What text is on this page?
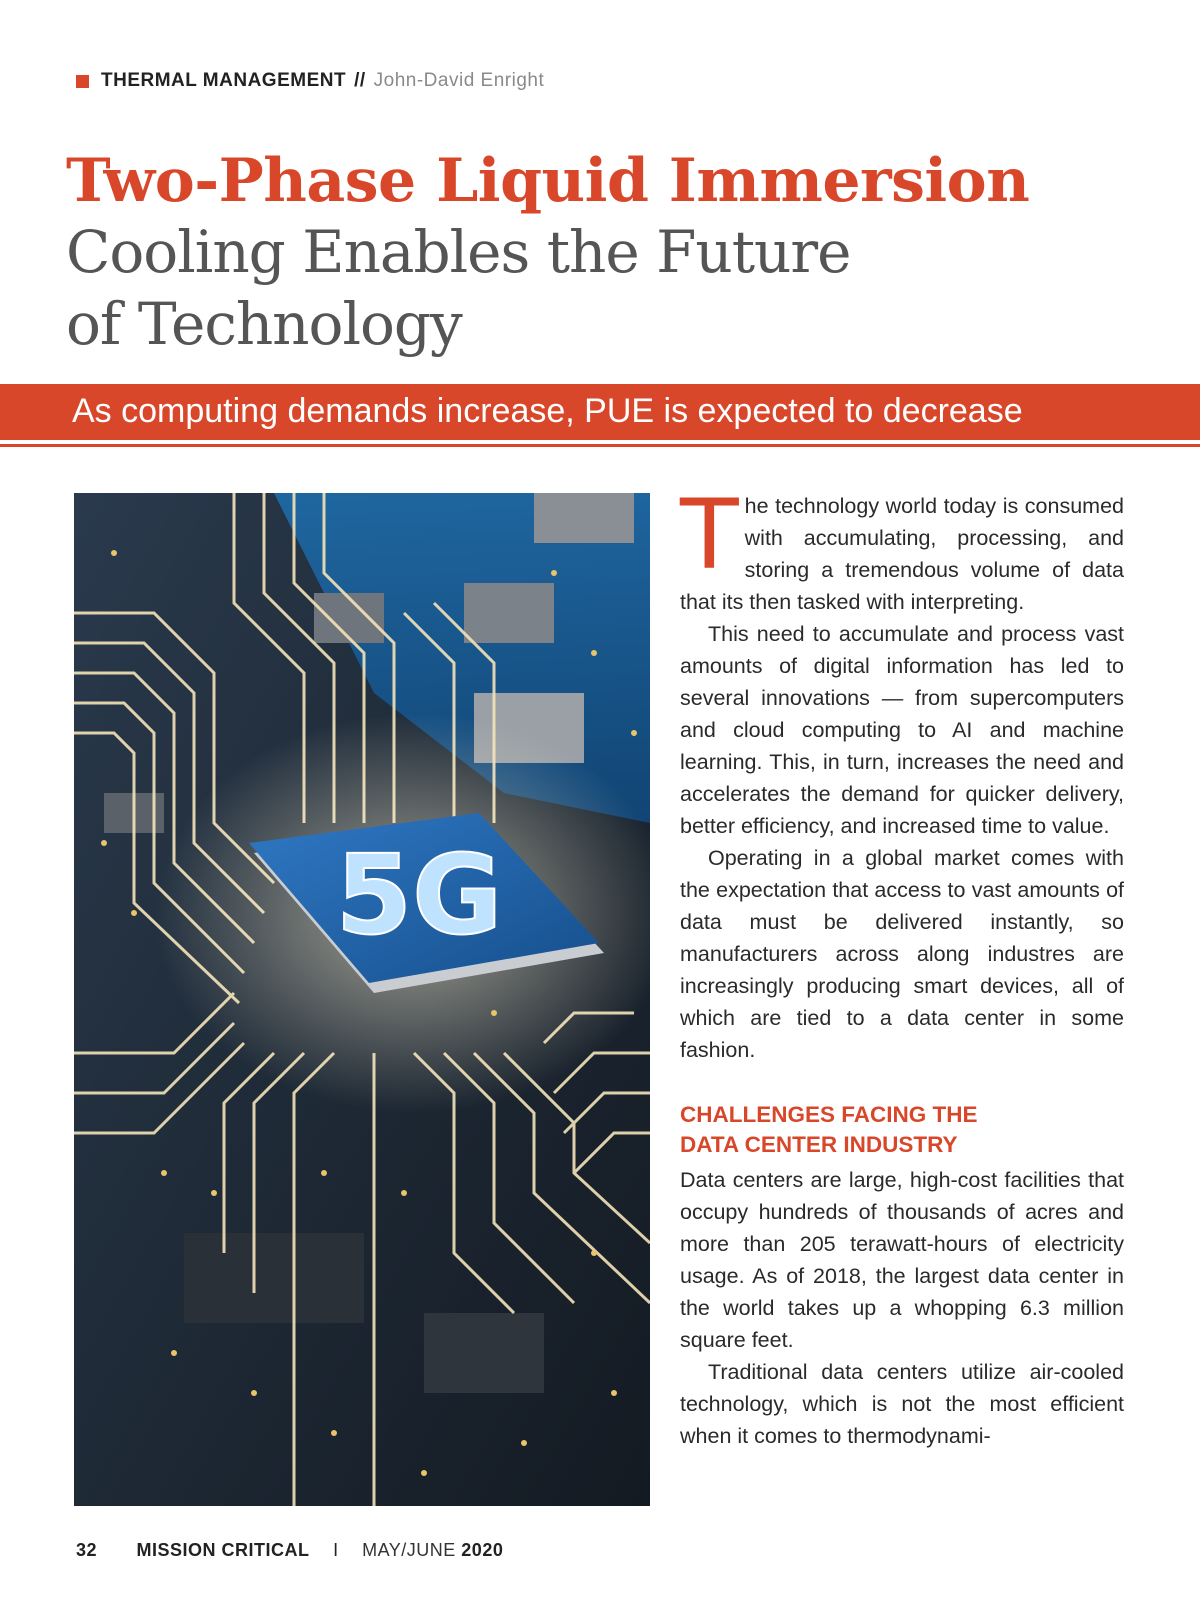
THERMAL MANAGEMENT // John-David Enright
Two-Phase Liquid Immersion
Cooling Enables the Future
of Technology
As computing demands increase, PUE is expected to decrease
5G

The technology world today is consumed with accumulating, processing, and storing a tremendous volume of data that its then tasked with interpreting.

This need to accumulate and process vast amounts of digital information has led to several innovations — from supercomputers and cloud computing to AI and machine learning. This, in turn, increases the need and accelerates the demand for quicker delivery, better efficiency, and increased time to value.

Operating in a global market comes with the expectation that access to vast amounts of data must be delivered instantly, so manufacturers across along industres are increasingly producing smart devices, all of which are tied to a data center in some fashion.

CHALLENGES FACING THE
DATA CENTER INDUSTRY

Data centers are large, high-cost facilities that occupy hundreds of thousands of acres and more than 205 terawatt-hours of electricity usage. As of 2018, the largest data center in the world takes up a whopping 6.3 million square feet.

Traditional data centers utilize air-cooled technology, which is not the most efficient when it comes to thermodynami-

32 MISSION CRITICAL I MAY/JUNE 2020
